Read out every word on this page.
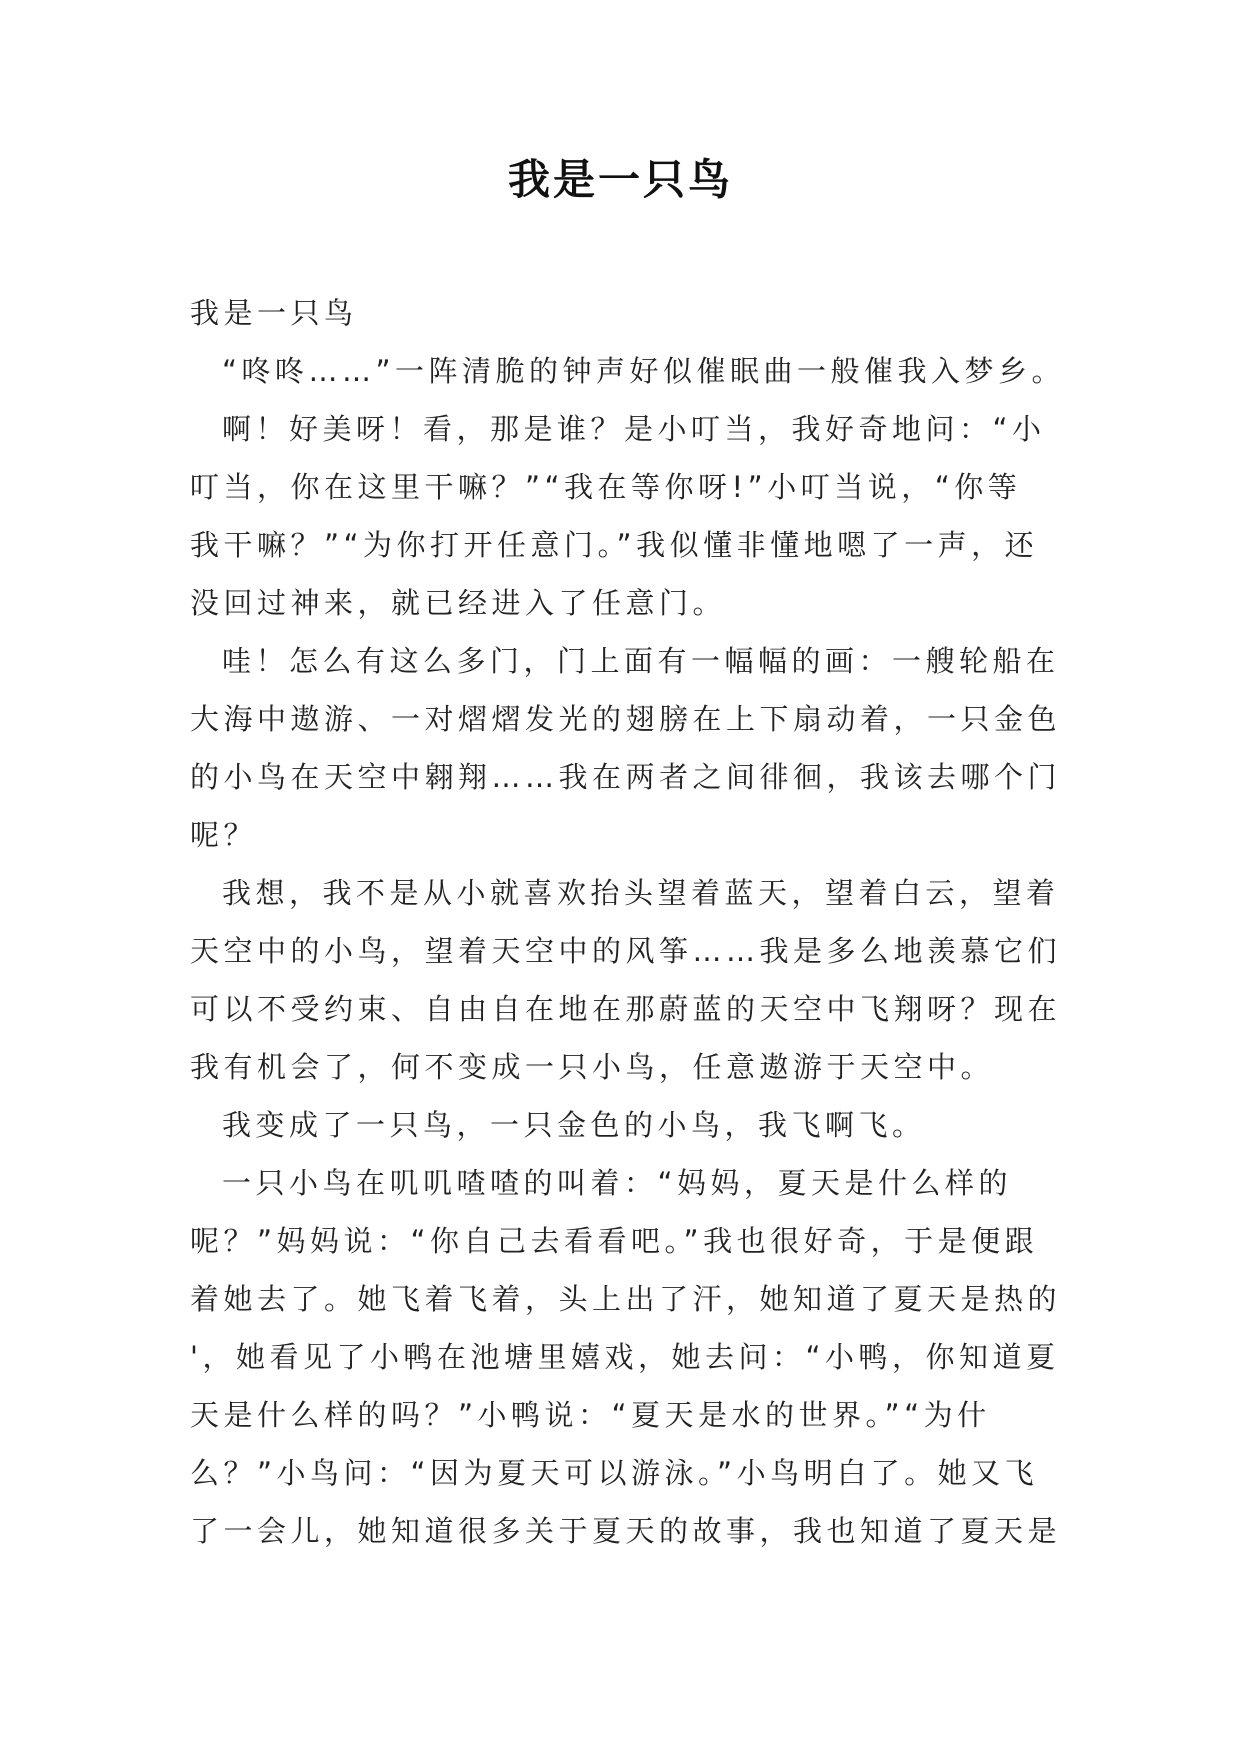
我是一只鸟
我是一只鸟
“咚咚……”一阵清脆的钟声好似催眠曲一般催我入梦乡。
啊！好美呀！看，那是谁？是小叮当，我好奇地问：“小
叮当，你在这里干嘛？”“我在等你呀!”小叮当说，“你等
我干嘛？”“为你打开任意门。”我似懂非懂地嗯了一声，还
没回过神来，就已经进入了任意门。
哇！怎么有这么多门，门上面有一幅幅的画：一艘轮船在
大海中遨游、一对熠熠发光的翅膀在上下扇动着，一只金色
的小鸟在天空中翱翔……我在两者之间徘徊，我该去哪个门
呢？
我想，我不是从小就喜欢抬头望着蓝天，望着白云，望着
天空中的小鸟，望着天空中的风筝……我是多么地羡慕它们
可以不受约束、自由自在地在那蔚蓝的天空中飞翔呀？现在
我有机会了，何不变成一只小鸟，任意遨游于天空中。
我变成了一只鸟，一只金色的小鸟，我飞啊飞。
一只小鸟在叽叽喳喳的叫着：“妈妈，夏天是什么样的
呢？”妈妈说：“你自己去看看吧。”我也很好奇，于是便跟
着她去了。她飞着飞着，头上出了汗，她知道了夏天是热的
'，她看见了小鸭在池塘里嬉戏，她去问：“小鸭，你知道夏
天是什么样的吗？”小鸭说：“夏天是水的世界。”“为什
么？”小鸟问：“因为夏天可以游泳。”小鸟明白了。她又飞
了一会儿，她知道很多关于夏天的故事，我也知道了夏天是
